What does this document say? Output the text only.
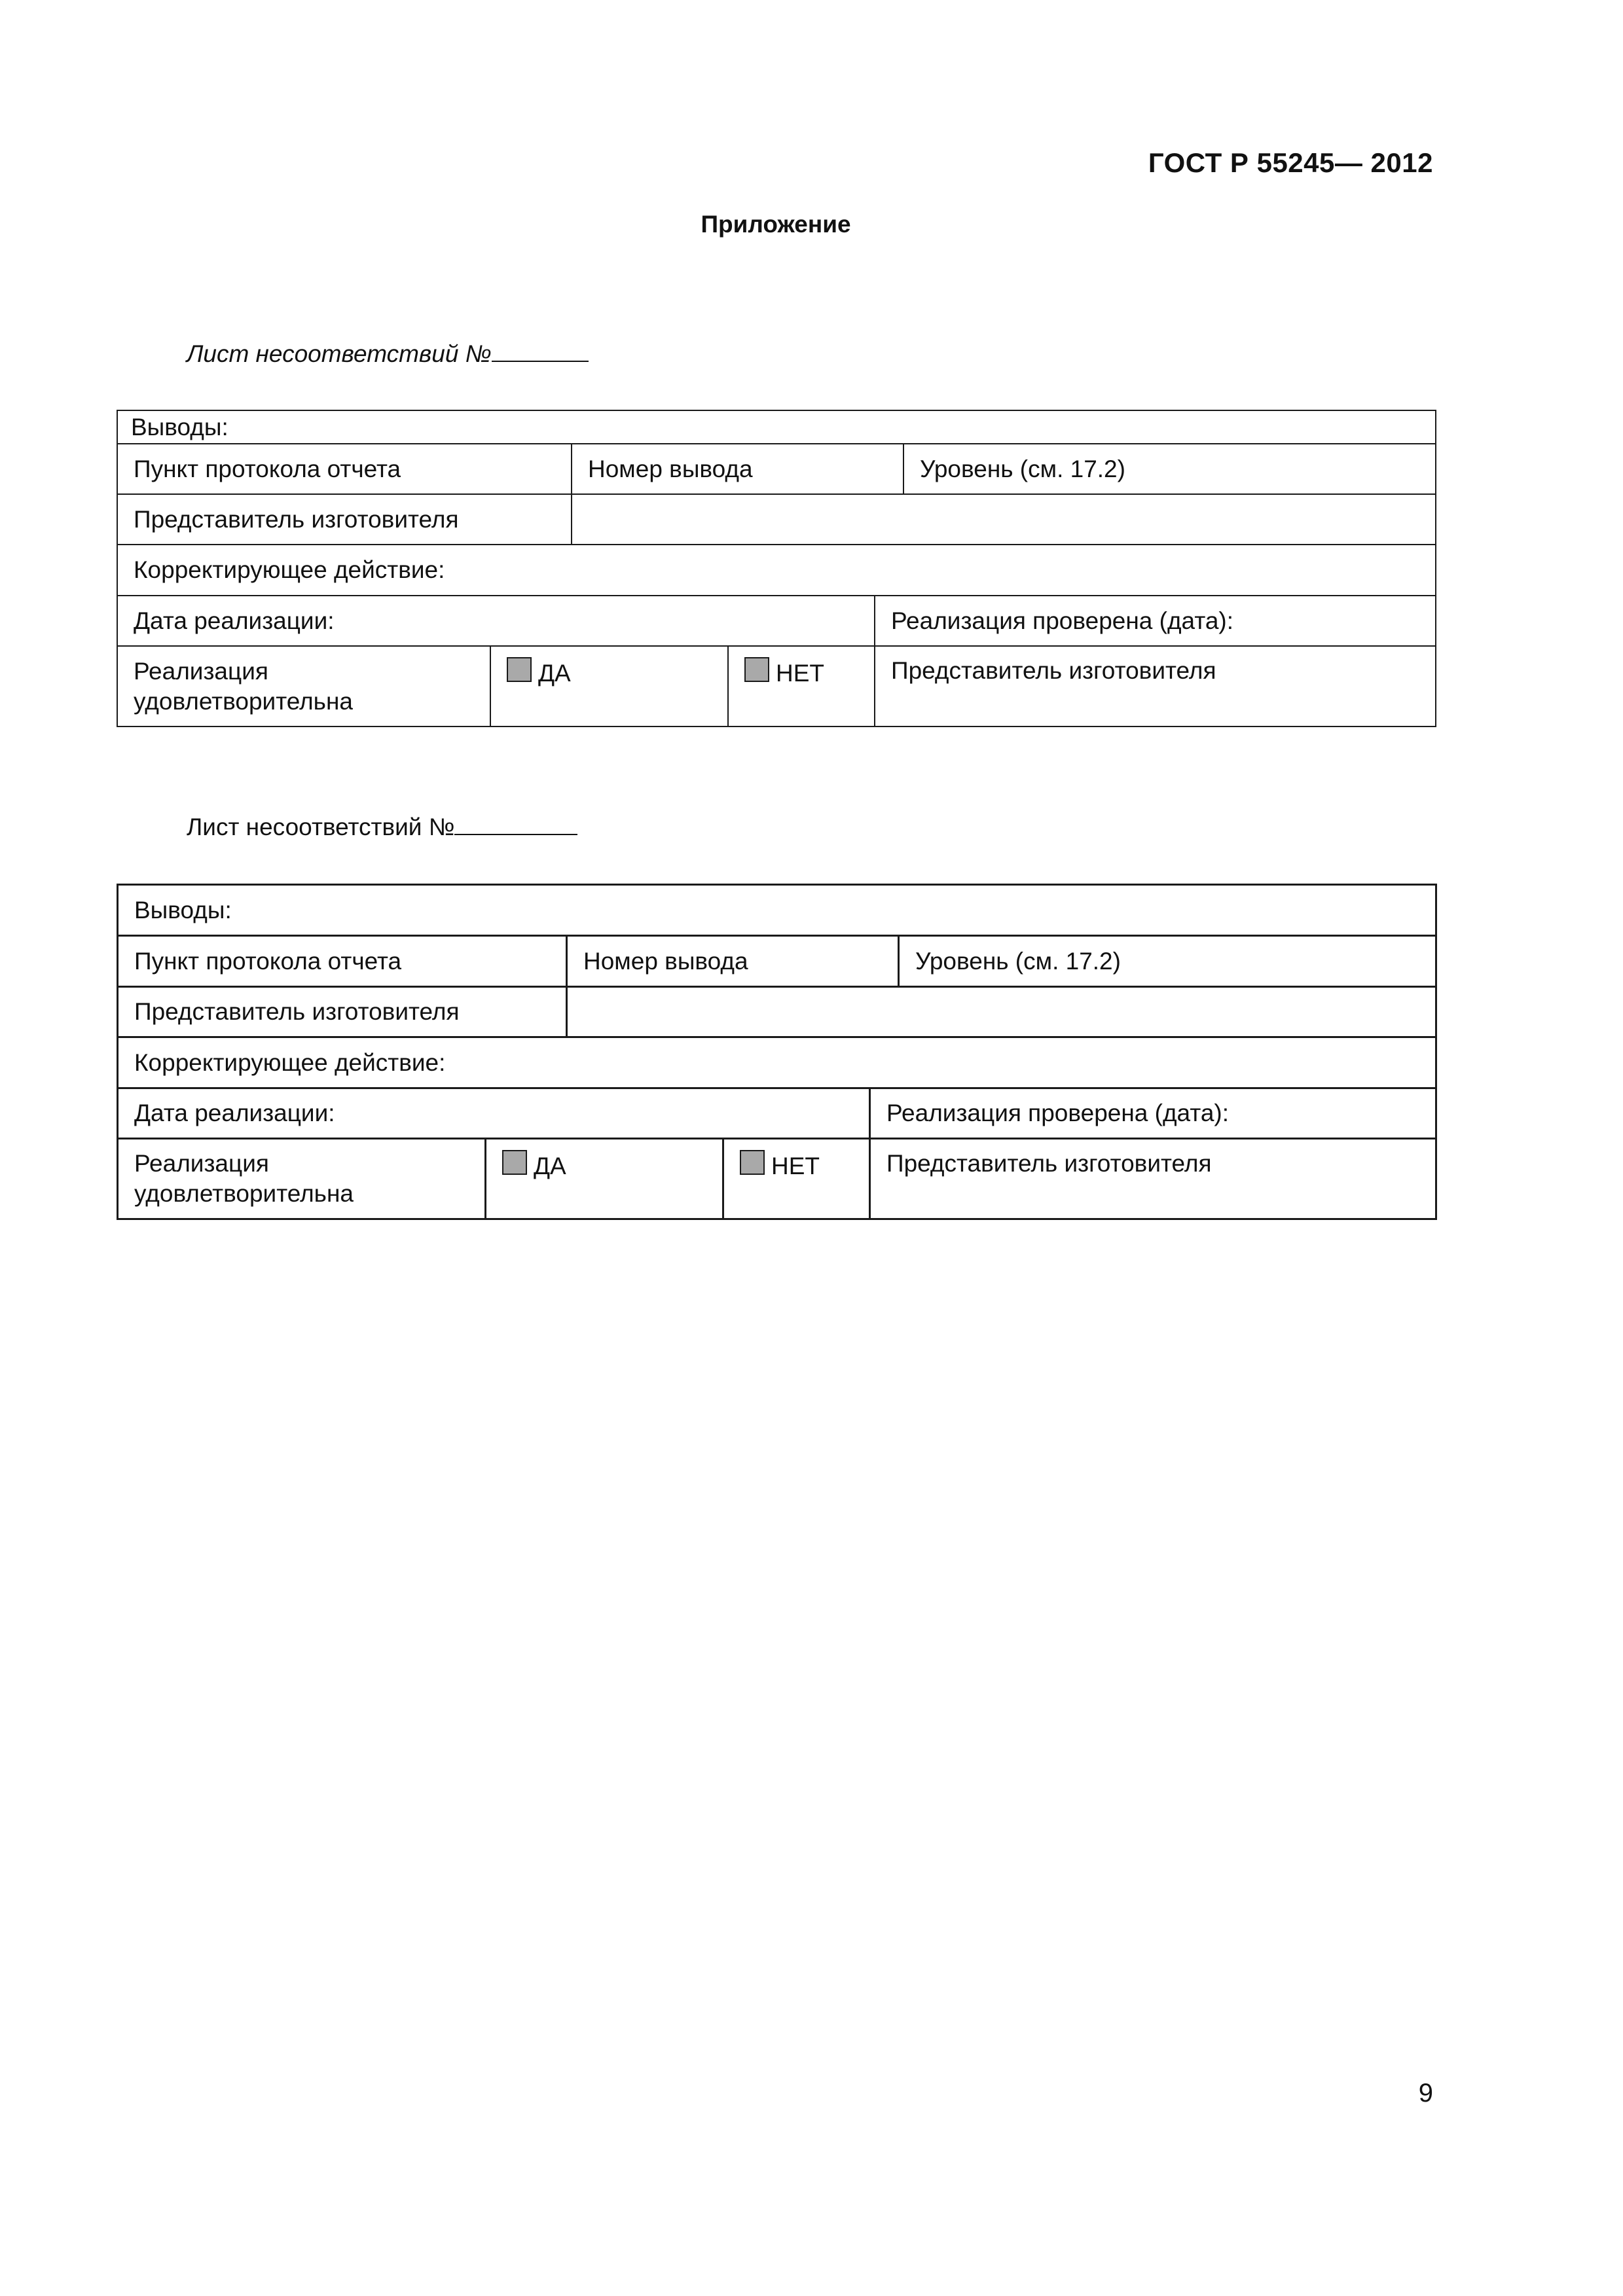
ГОСТ Р 55245— 2012
Приложение
Лист несоответствий №
Выводы:					
Пункт протокола отчета		Номер вывода			Уровень (см. 17.2)
Представитель изготовителя					
Корректирующее действие:					
Дата реализации:				Реализация проверена (дата):	
Реализация удовлетворительна	ДА		НЕТ	Представитель изготовителя	
Лист несоответствий №
Выводы:					
Пункт протокола отчета		Номер вывода			Уровень (см. 17.2)
Представитель изготовителя					
Корректирующее действие:					
Дата реализации:				Реализация проверена (дата):	
Реализация удовлетворительна	ДА		НЕТ	Представитель изготовителя	
9
